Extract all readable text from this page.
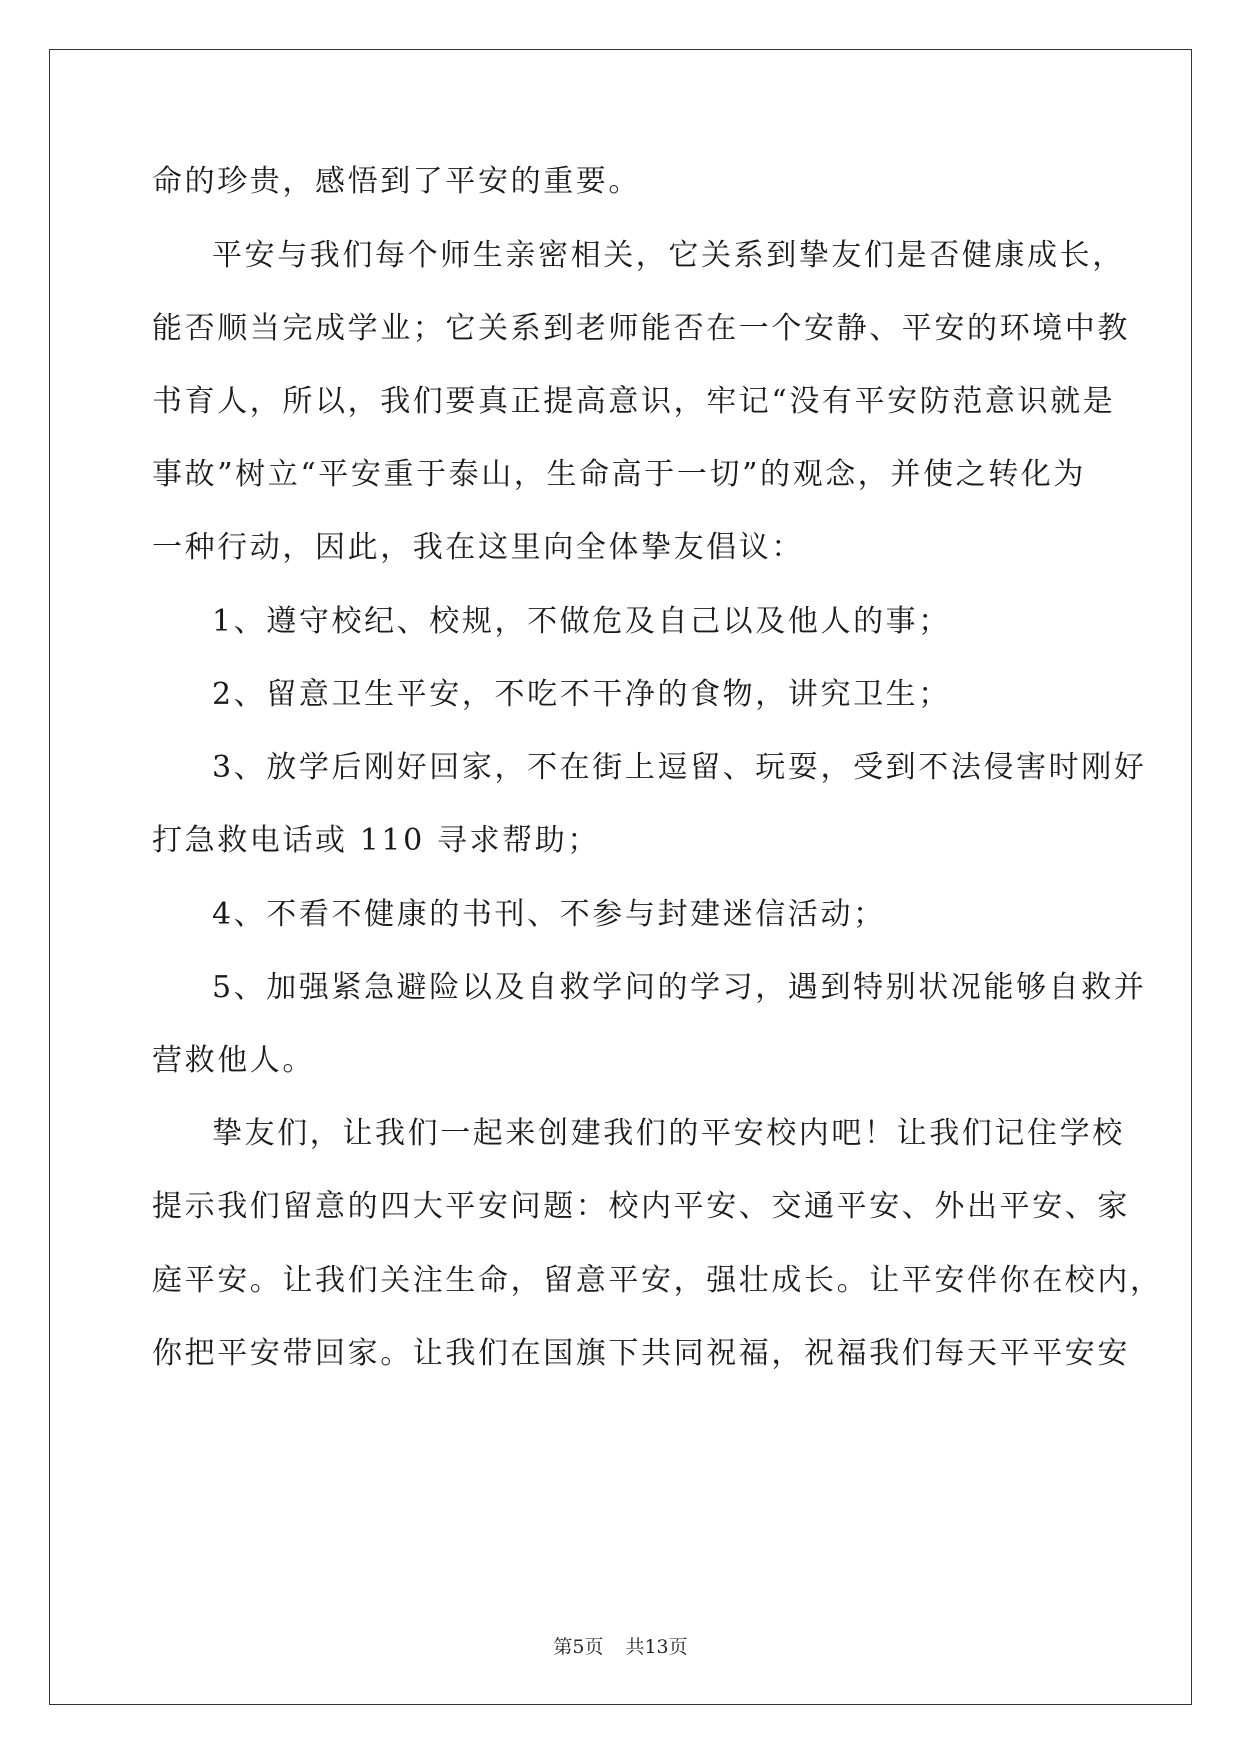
命的珍贵，感悟到了平安的重要。
平安与我们每个师生亲密相关，它关系到挚友们是否健康成长，
能否顺当完成学业；它关系到老师能否在一个安静、平安的环境中教
书育人，所以，我们要真正提高意识，牢记“没有平安防范意识就是
事故”树立“平安重于泰山，生命高于一切”的观念，并使之转化为
一种行动，因此，我在这里向全体挚友倡议：
1、遵守校纪、校规，不做危及自己以及他人的事；
2、留意卫生平安，不吃不干净的食物，讲究卫生；
3、放学后刚好回家，不在街上逗留、玩耍，受到不法侵害时刚好
打急救电话或 110 寻求帮助；
4、不看不健康的书刊、不参与封建迷信活动；
5、加强紧急避险以及自救学问的学习，遇到特别状况能够自救并
营救他人。
挚友们，让我们一起来创建我们的平安校内吧！让我们记住学校
提示我们留意的四大平安问题：校内平安、交通平安、外出平安、家
庭平安。让我们关注生命，留意平安，强壮成长。让平安伴你在校内，
你把平安带回家。让我们在国旗下共同祝福，祝福我们每天平平安安
第5页 共13页
